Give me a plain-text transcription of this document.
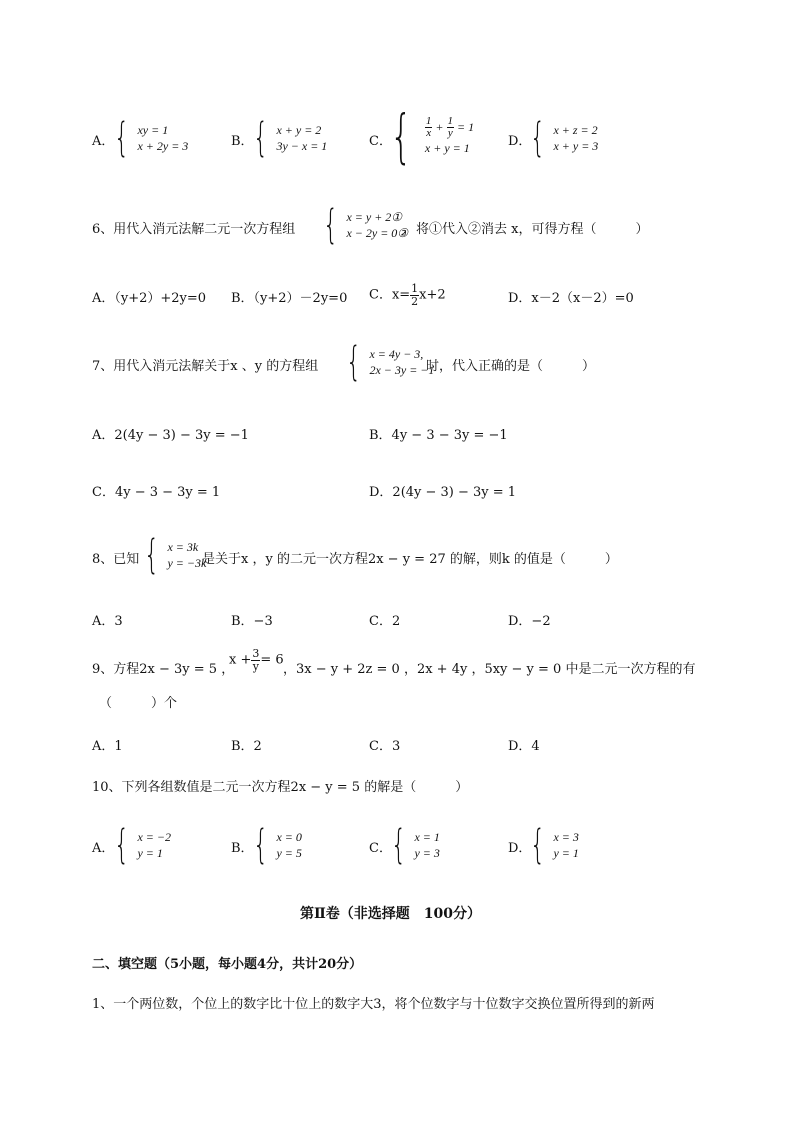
A． { xy = 1
x + 2y = 3	B． { x + y = 2
3y − x = 1	C．
{ $\frac{1}{x} + \frac{1}{y} = 1$
x + y = 1	D．
{ x + z = 2
x + y = 3
6、用代入消元法解二元一次方程组 { x = y + 2①
x − 2y = 0②
，将①代入②消去 x，可得方程（　　　）
A．（y+2）+2y=0 B．（y+2）－2y=0 C．$x= \frac{1}{2} x+2$	D．x－2（x－2）=0
7、用代入消元法解关于x 、y 的方程组 { x = 4y − 3,
2x − 3y = −1
时，代入正确的是（　　　）
A．2(4y − 3) − 3y = −1	B．4y − 3 − 3y = −1
C．4y − 3 − 3y = 1	D．2(4y − 3) − 3y = 1
8、已知 { x = 3k
y = −3k
是关于x ，y 的二元一次方程2x − y = 27 的解，则k 的值是（　　　）
A．3	B．−3	C．2	D．−2
9、方程2x − 3y = 5 ，
$x + \frac{3}{y} = 6$
，3x − y + 2z = 0 ，2x + 4y ，5xy − y = 0 中是二元一次方程的有
（　　　）个
A．1	B．2	C．3	D．4
10、下列各组数值是二元一次方程2x − y = 5 的解是（　　　）
A． { x = −2
y = 1	B． { x = 0
y = 5	C． { x = 1
y = 3	D．
{ x = 3
y = 1
第Ⅱ卷（非选择题　100分）
二、填空题（5小题，每小题4分，共计20分）
1、一个两位数，个位上的数字比十位上的数字大3，将个位数字与十位数字交换位置所得到的新两
